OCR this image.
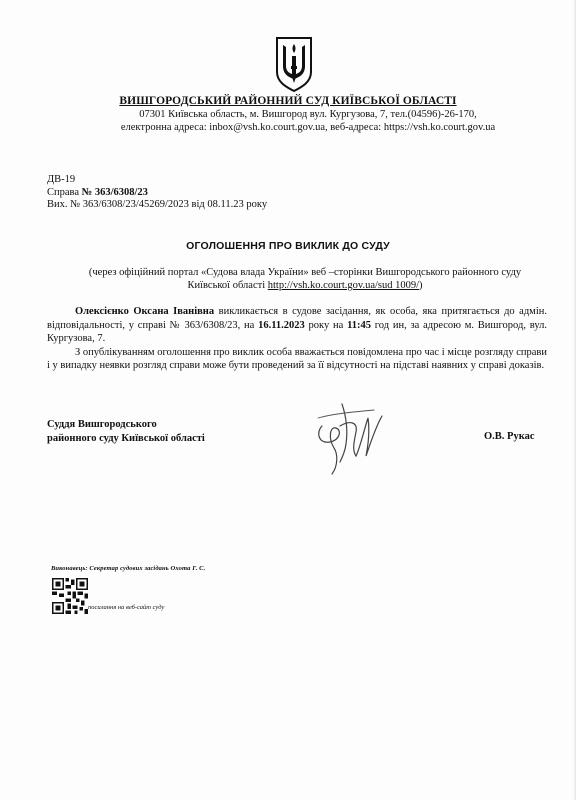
ВИШГОРОДСЬКИЙ РАЙОННИЙ СУД КИЇВСЬКОЇ ОБЛАСТІ
07301 Київська область, м. Вишгород вул. Кургузова, 7, тел.(04596)-26-170,
електронна адреса: inbox@vsh.ko.court.gov.ua, веб-адреса: https://vsh.ko.court.gov.ua
ДВ-19
Справа № 363/6308/23
Вих. № 363/6308/23/45269/2023 від 08.11.23 року
ОГОЛОШЕННЯ ПРО ВИКЛИК ДО СУДУ
(через офіційний портал «Судова влада України» веб –сторінки Вишгородського районного суду Київської області http://vsh.ko.court.gov.ua/sud 1009/)

Олексієнко Оксана Іванівна викликається в судове засідання, як особа, яка притягається до адмін. відповідальності, у справі № 363/6308/23, на 16.11.2023 року на 11:45 год ин, за адресою м. Вишгород, вул. Кургузова, 7.

З опублікуванням оголошення про виклик особа вважається повідомлена про час і місце розгляду справи і у випадку неявки розгляд справи може бути проведений за її відсутності на підставі наявних у справі доказів.

Суддя Вишгородського
районного суду Київської області	О.В. Рукас
Виконавець: Секретар судових засідань Охота Г. С.
посилання на веб-сайт суду
